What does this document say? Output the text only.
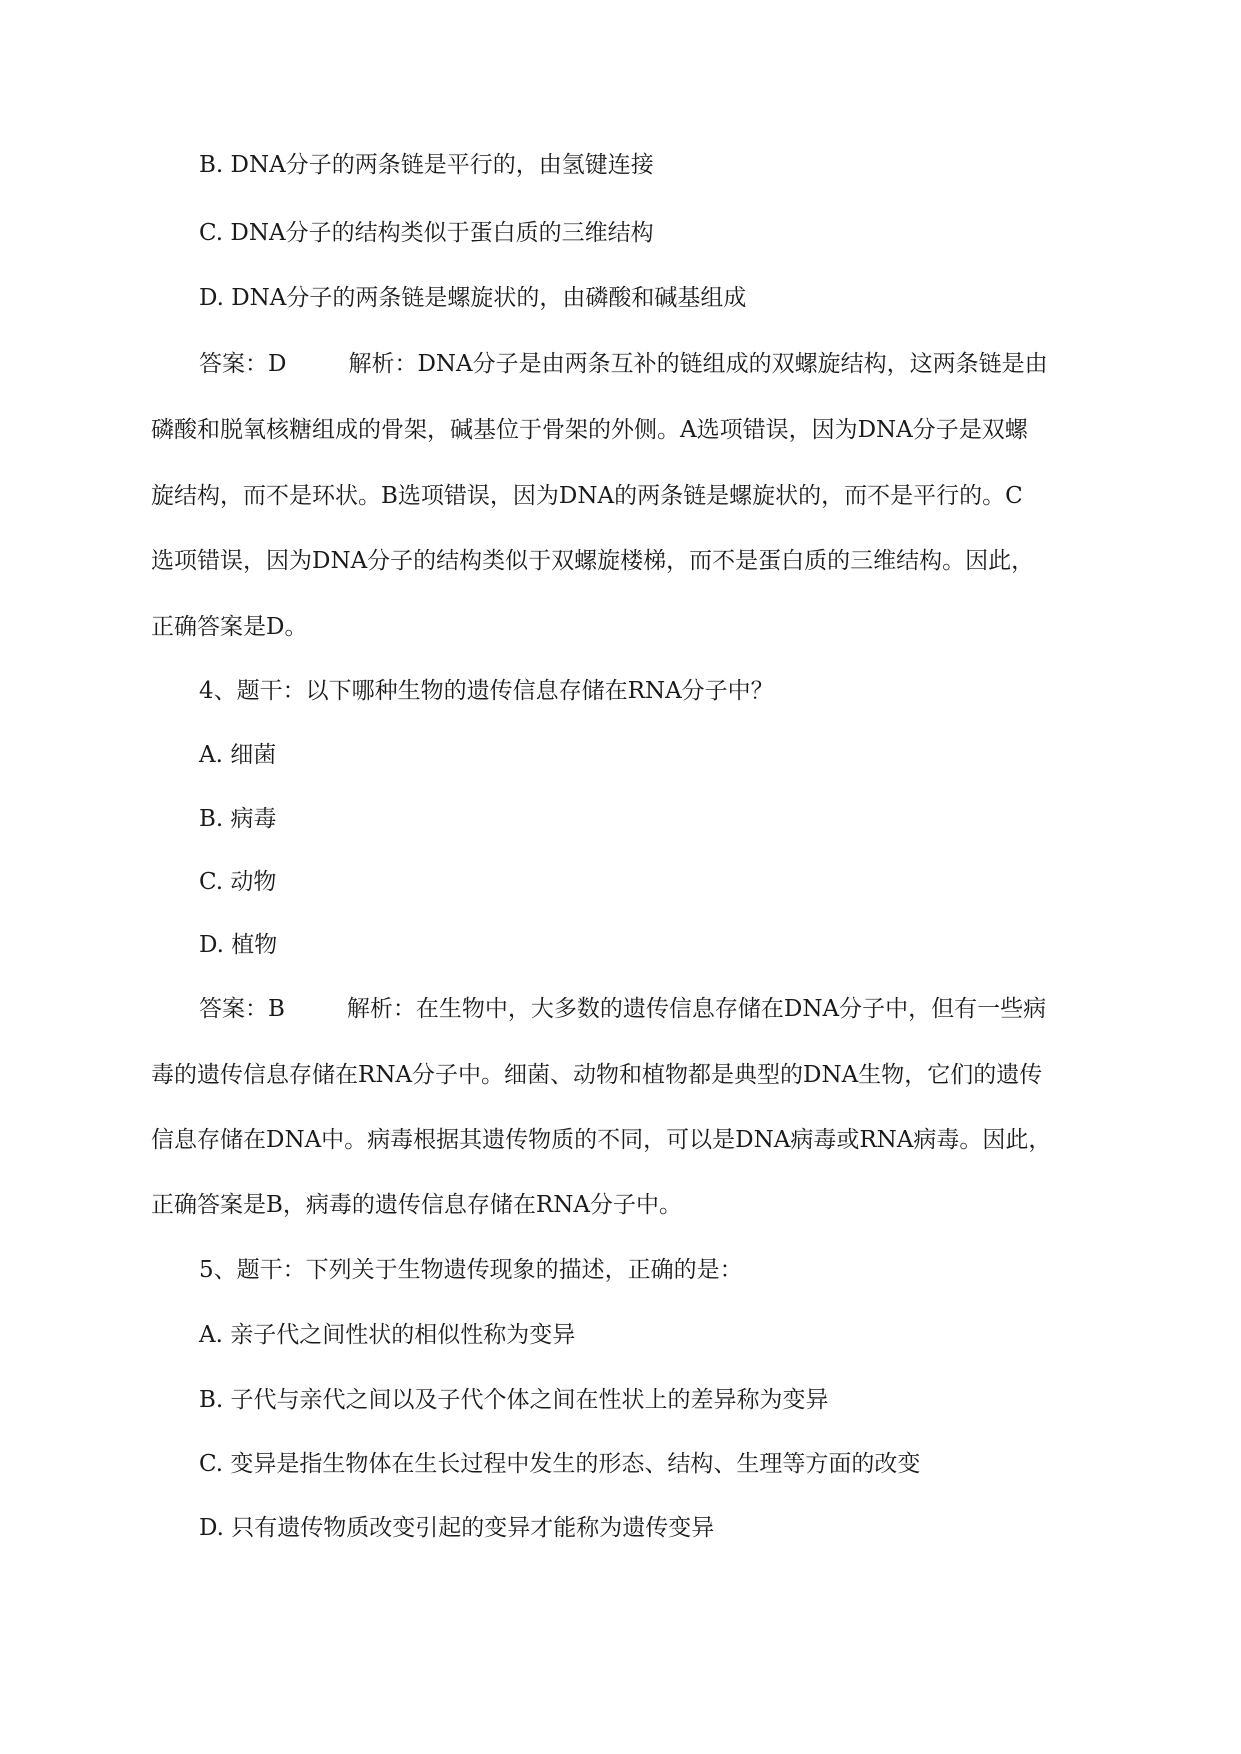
B. DNA分子的两条链是平行的，由氢键连接
C. DNA分子的结构类似于蛋白质的三维结构
D. DNA分子的两条链是螺旋状的，由磷酸和碱基组成
答案：D	解析：DNA分子是由两条互补的链组成的双螺旋结构，这两条链是由
磷酸和脱氧核糖组成的骨架，碱基位于骨架的外侧。A选项错误，因为DNA分子是双螺
旋结构，而不是环状。B选项错误，因为DNA的两条链是螺旋状的，而不是平行的。C
选项错误，因为DNA分子的结构类似于双螺旋楼梯，而不是蛋白质的三维结构。因此，
正确答案是D。
4、题干：以下哪种生物的遗传信息存储在RNA分子中？
A. 细菌
B. 病毒
C. 动物
D. 植物
答案：B	解析：在生物中，大多数的遗传信息存储在DNA分子中，但有一些病
毒的遗传信息存储在RNA分子中。细菌、动物和植物都是典型的DNA生物，它们的遗传
信息存储在DNA中。病毒根据其遗传物质的不同，可以是DNA病毒或RNA病毒。因此，
正确答案是B，病毒的遗传信息存储在RNA分子中。
5、题干：下列关于生物遗传现象的描述，正确的是：
A. 亲子代之间性状的相似性称为变异
B. 子代与亲代之间以及子代个体之间在性状上的差异称为变异
C. 变异是指生物体在生长过程中发生的形态、结构、生理等方面的改变
D. 只有遗传物质改变引起的变异才能称为遗传变异
